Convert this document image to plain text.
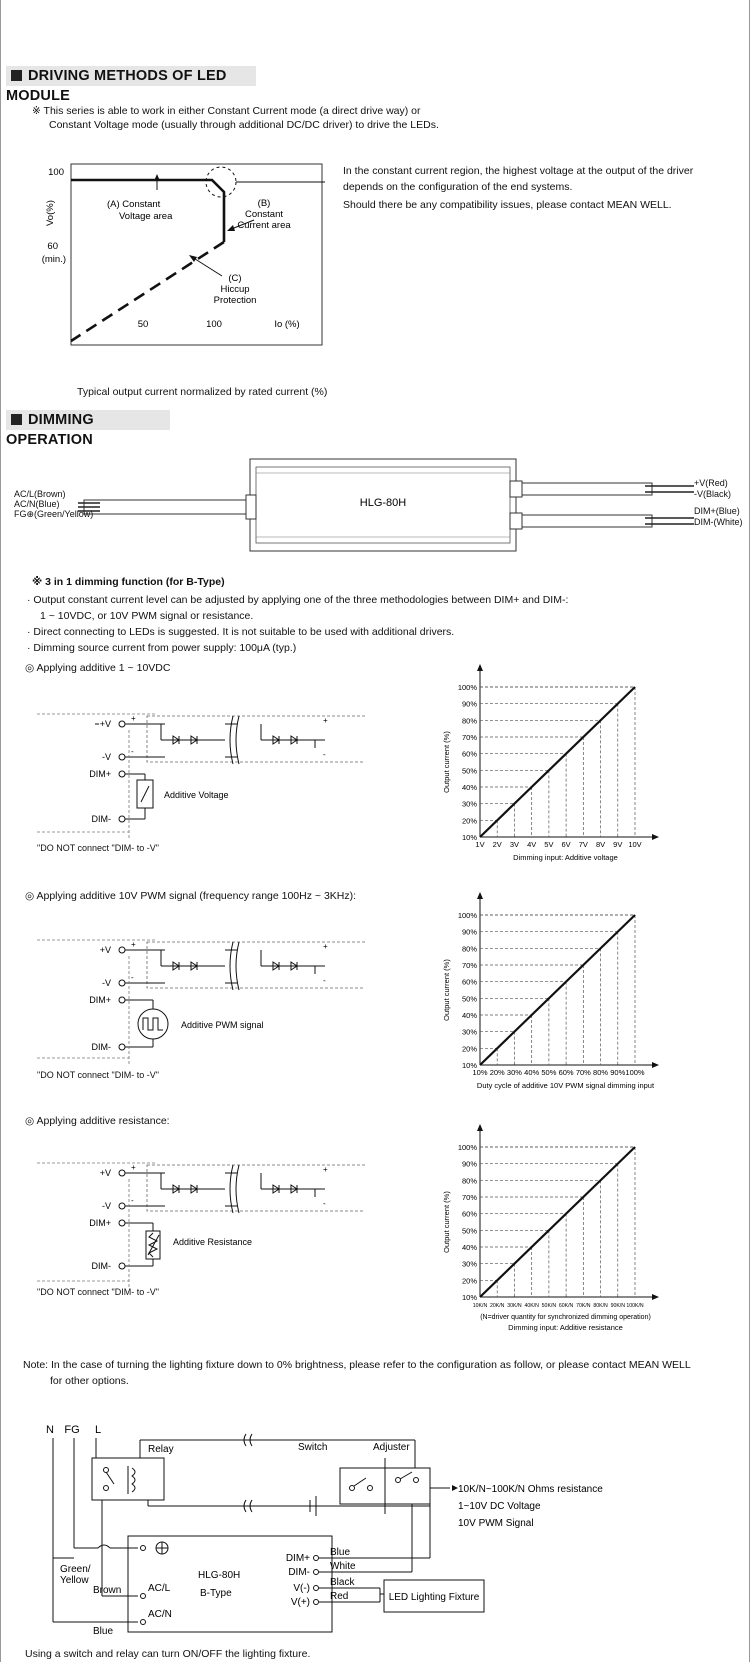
DRIVING METHODS OF LED MODULE
※ This series is able to work in either Constant Current mode (a direct drive way) or
Constant Voltage mode (usually through additional DC/DC driver) to drive the LEDs.
100
60
(min.)
Vo(%)
50	100	Io (%)
(A) Constant
Voltage area
(B)
Constant
Current area
(C)
Hiccup
Protection
Typical output current normalized by rated current (%)
In the constant current region, the highest voltage at the output of the driver
depends on the configuration of the end systems.
Should there be any compatibility issues, please contact MEAN WELL.
DIMMING OPERATION
HLG-80H
AC/L(Brown)
AC/N(Blue)
FG⊕(Green/Yellow)
+V(Red)
-V(Black)
DIM+(Blue)
DIM-(White)
※ 3 in 1 dimming function (for B-Type)
· Output constant current level can be adjusted by applying one of the three methodologies between DIM+ and DIM-:
1 ~ 10VDC, or 10V PWM signal or resistance.
· Direct connecting to LEDs is suggested. It is not suitable to be used with additional drivers.
· Dimming source current from power supply: 100μA (typ.)
◎ Applying additive 1 ~ 10VDC
+
-
+
-
+V
-V
DIM+
DIM-
Additive Voltage
"DO NOT connect "DIM- to -V"
10%
20%
30%
40%
50%
60%
70%
80%
90%
100%
1V 2V 3V 4V 5V 6V 7V 8V 9V 10V
Output current (%)
Dimming input: Additive voltage
◎ Applying additive 10V PWM signal (frequency range 100Hz ~ 3KHz):
+
-
+
-
+V
-V
DIM+
DIM-
Additive PWM signal
"DO NOT connect "DIM- to -V"
10%
20%
30%
40%
50%
60%
70%
80%
90%
100%
10% 20% 30% 40% 50% 60% 70% 80% 90% 100%
Output current (%)
Duty cycle of additive 10V PWM signal dimming input
◎ Applying additive resistance:
+
-
+
-
+V
-V
DIM+
DIM-
Additive Resistance
"DO NOT connect "DIM- to -V"
10%
20%
30%
40%
50%
60%
70%
80%
90%
100%
10K/N 20K/N 30K/N 40K/N 50K/N 60K/N 70K/N 80K/N 90K/N 100K/N
Output current (%)
(N=driver quantity for synchronized dimming operation)
Dimming input: Additive resistance
Note: In the case of turning the lighting fixture down to 0% brightness, please refer to the configuration as follow, or please contact MEAN WELL
for other options.
N FG L
Relay	Switch	Adjuster
10K/N~100K/N Ohms resistance
1~10V DC Voltage
10V PWM Signal
HLG-80H
B-Type
AC/L
AC/N
DIM+
DIM-
V(-)
V(+)
Blue
White
Black
Red
Green/
Yellow
Brown
Blue
LED Lighting Fixture
Using a switch and relay can turn ON/OFF the lighting fixture.
